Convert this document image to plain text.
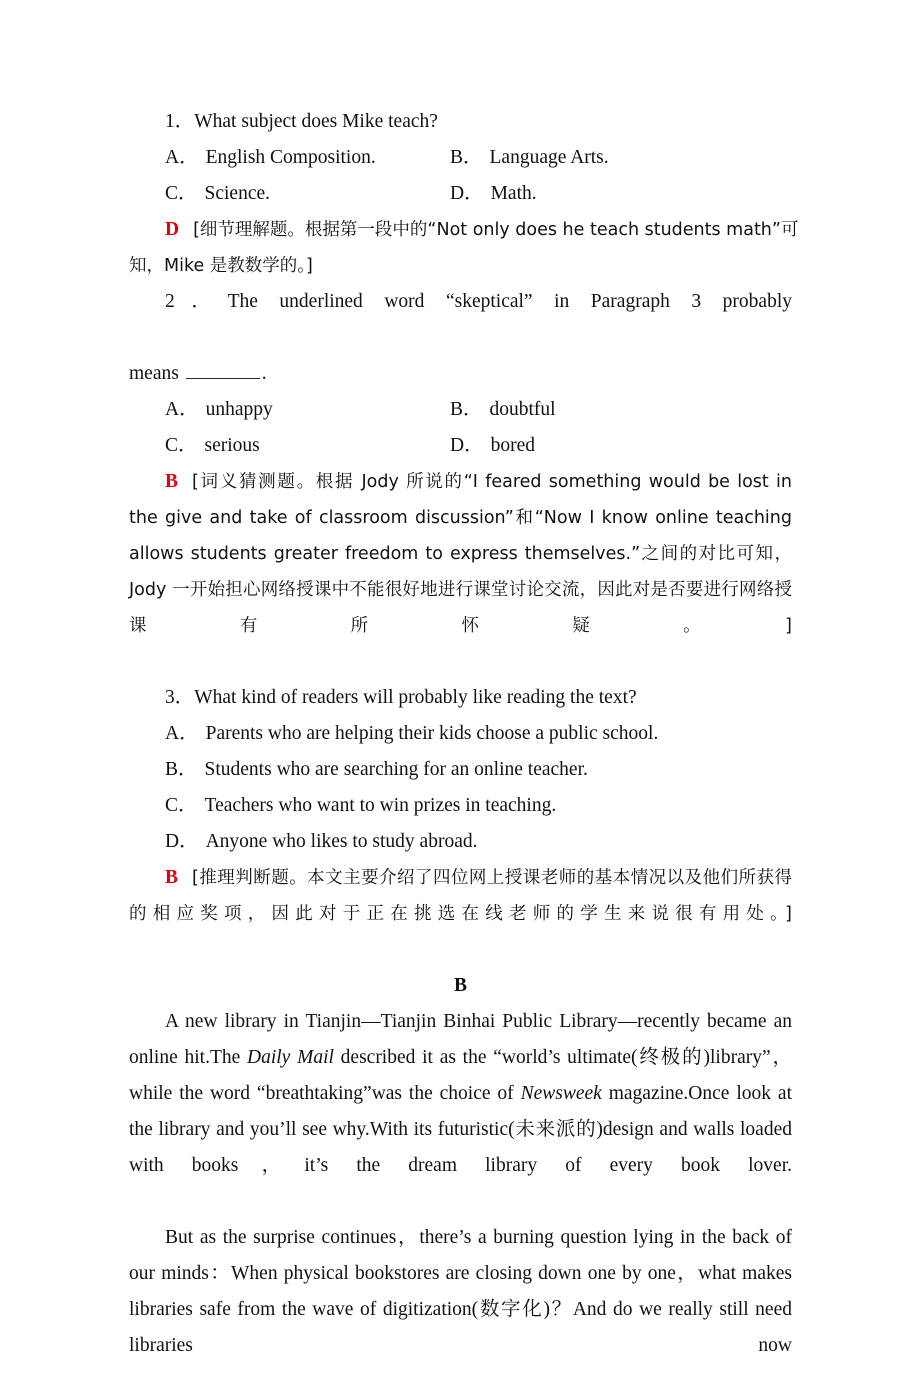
1．What subject does Mike teach?
A． English Composition.	B． Language Arts.
C． Science.	D． Math.
D [细节理解题。根据第一段中的“Not only does he teach students math”可
知，Mike 是教数学的。]
2．The underlined word “skeptical” in Paragraph 3 probably
means	.
A． unhappy	B． doubtful
C． serious	D． bored
B [词义猜测题。根据 Jody 所说的“I feared something would be lost in the give and take of classroom discussion”和“Now I know online teaching allows students greater freedom to express themselves.”之间的对比可知，Jody 一开始担心网络授课中不能很好地进行课堂讨论交流，因此对是否要进行网络授课有所怀疑。]
3．What kind of readers will probably like reading the text?
A． Parents who are helping their kids choose a public school.
B． Students who are searching for an online teacher.
C． Teachers who want to win prizes in teaching.
D． Anyone who likes to study abroad.
B [推理判断题。本文主要介绍了四位网上授课老师的基本情况以及他们所获得的相应奖项，因此对于正在挑选在线老师的学生来说很有用处。]
B

A new library in Tianjin—Tianjin Binhai Public Library—recently became an online hit.The Daily Mail described it as the “world’s ultimate(终极的)library”，while the word “breathtaking”was the choice of Newsweek magazine.Once look at the library and you’ll see why.With its futuristic(未来派的)design and walls loaded with books，it’s the dream library of every book lover.

But as the surprise continues，there’s a burning question lying in the back of our minds：When physical bookstores are closing down one by one，what makes libraries safe from the wave of digitization(数字化)？And do we really still need libraries now
